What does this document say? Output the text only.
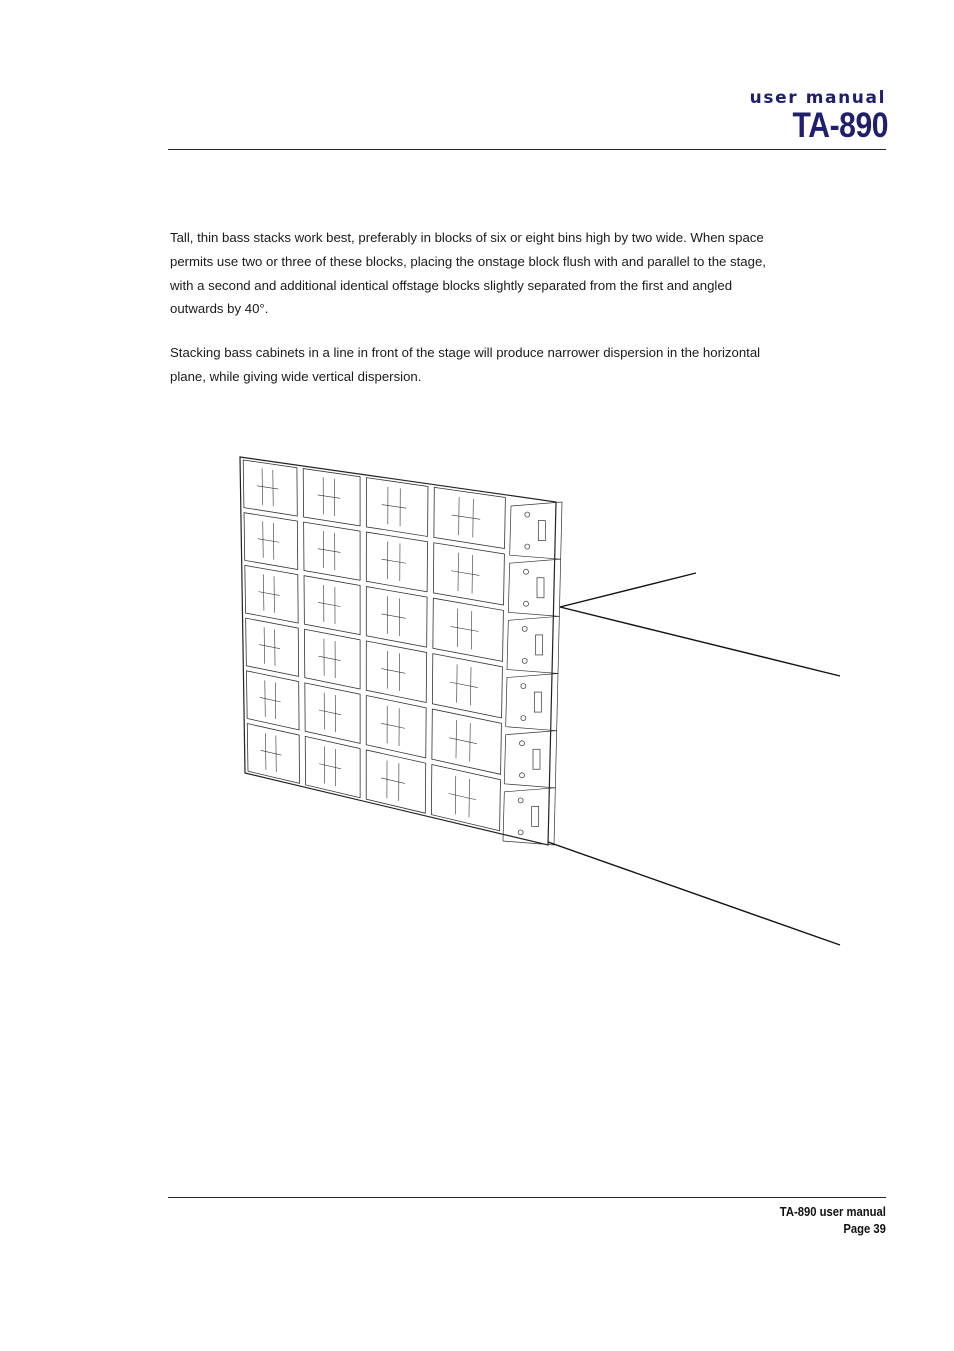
user manual
TA-890
Tall, thin bass stacks work best, preferably in blocks of six or eight bins high by two wide. When space permits use two or three of these blocks, placing the onstage block flush with and parallel to the stage, with a second and additional identical offstage blocks slightly separated from the first and angled outwards by 40°.
Stacking bass cabinets in a line in front of the stage will produce narrower dispersion in the horizontal plane, while giving wide vertical dispersion.
TA-890 user manual
Page 39
